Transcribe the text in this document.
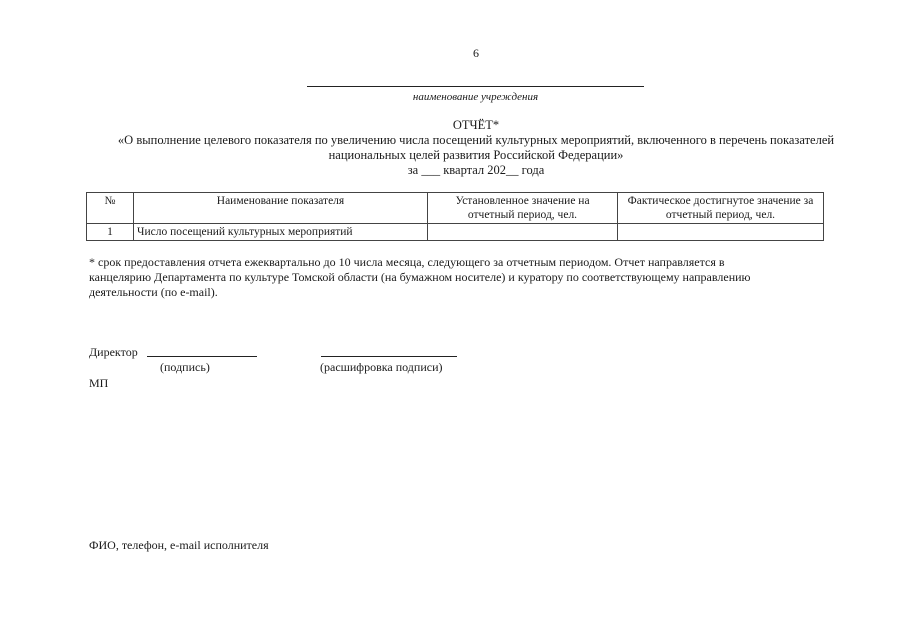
6
наименование учреждения
ОТЧЁТ*
«О выполнение целевого показателя по увеличению числа посещений культурных мероприятий, включенного в перечень показателей
национальных целей развития Российской Федерации»
за ___ квартал 202__ года
№	Наименование показателя	Установленное значение на отчетный период, чел.	Фактическое достигнутое значение за отчетный период, чел.
1	Число посещений культурных мероприятий		
* срок предоставления отчета ежеквартально до 10 числа месяца, следующего за отчетным периодом. Отчет направляется в канцелярию Департамента по культуре Томской области (на бумажном носителе) и куратору по соответствующему направлению деятельности (по e-mail).
Директор
(подпись)	(расшифровка подписи)
МП
ФИО, телефон, e-mail исполнителя
